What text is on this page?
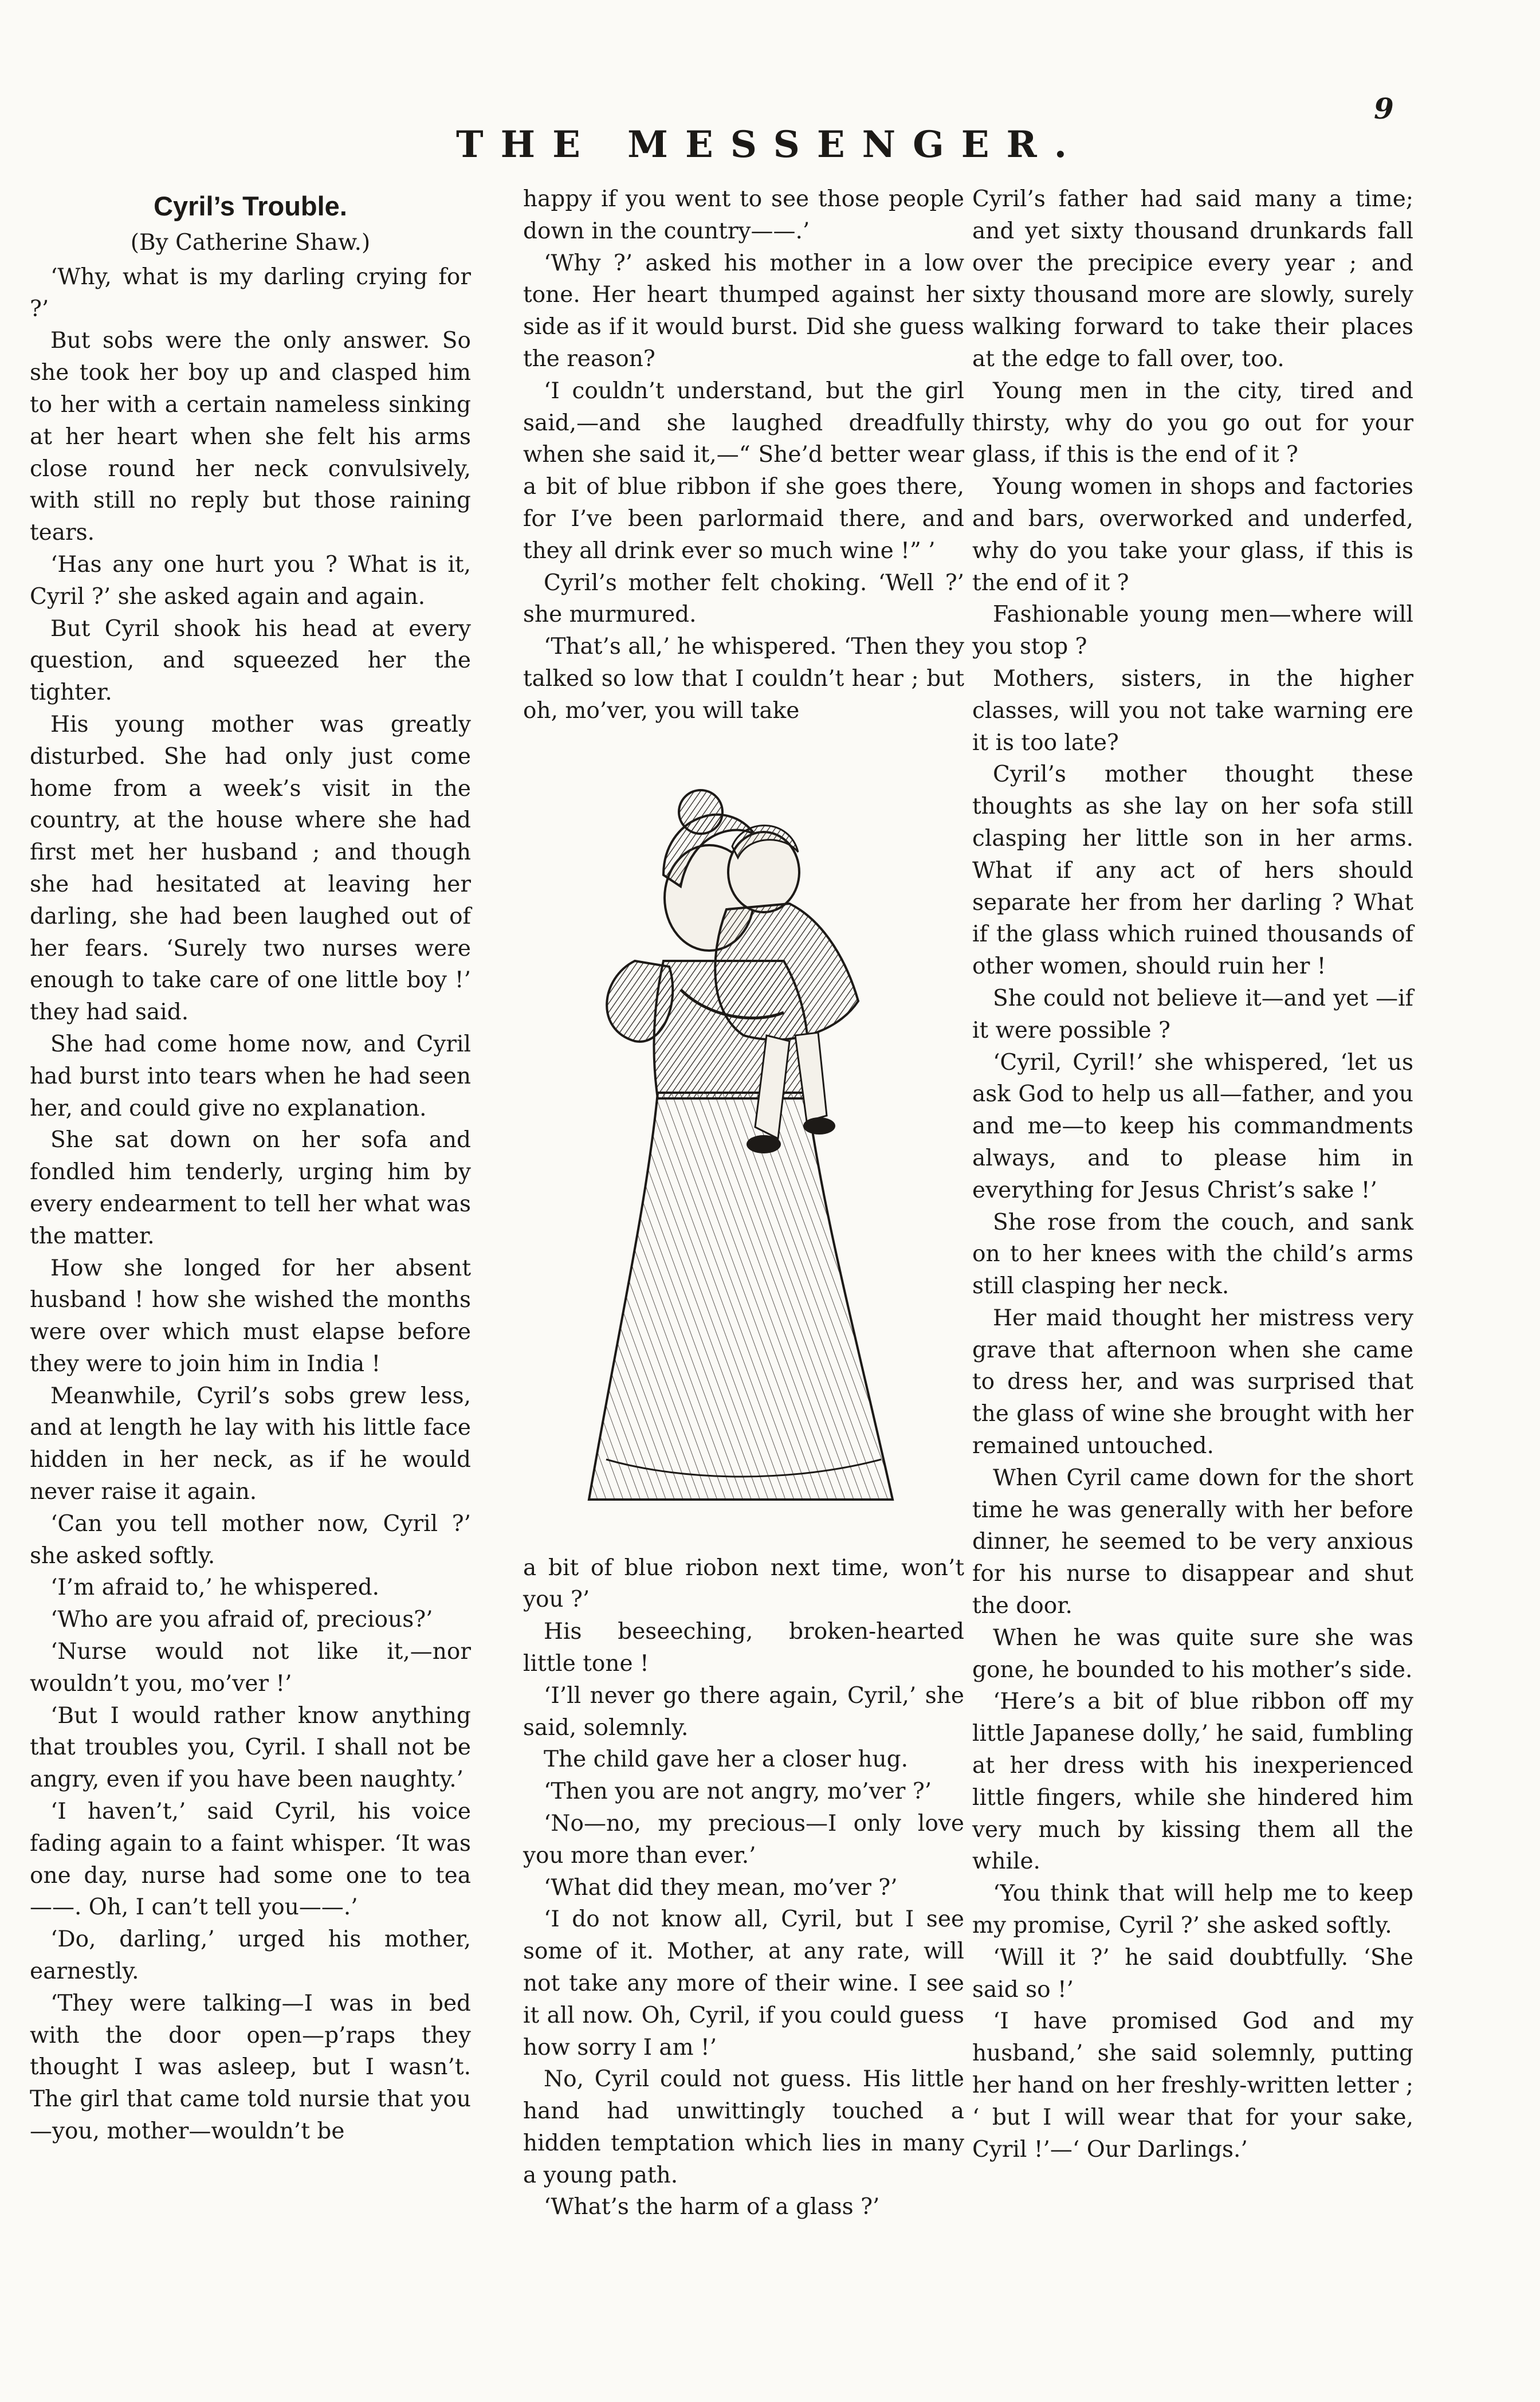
9
THE MESSENGER.
Cyril’s Trouble.
(By Catherine Shaw.)

‘Why, what is my darling crying for ?’

But sobs were the only answer. So she took her boy up and clasped him to her with a certain nameless sinking at her heart when she felt his arms close round her neck convulsively, with still no reply but those raining tears.

‘Has any one hurt you ? What is it, Cyril ?’ she asked again and again.

But Cyril shook his head at every question, and squeezed her the tighter.

His young mother was greatly disturbed. She had only just come home from a week’s visit in the country, at the house where she had first met her husband ; and though she had hesitated at leaving her darling, she had been laughed out of her fears. ‘Surely two nurses were enough to take care of one little boy !’ they had said.

She had come home now, and Cyril had burst into tears when he had seen her, and could give no explanation.

She sat down on her sofa and fondled him tenderly, urging him by every endearment to tell her what was the matter.

How she longed for her absent husband ! how she wished the months were over which must elapse before they were to join him in India !

Meanwhile, Cyril’s sobs grew less, and at length he lay with his little face hidden in her neck, as if he would never raise it again.

‘Can you tell mother now, Cyril ?’ she asked softly.

‘I’m afraid to,’ he whispered.

‘Who are you afraid of, precious?’

‘Nurse would not like it,—nor wouldn’t you, mo’ver !’

‘But I would rather know anything that troubles you, Cyril. I shall not be angry, even if you have been naughty.’

‘I haven’t,’ said Cyril, his voice fading again to a faint whisper. ‘It was one day, nurse had some one to tea——. Oh, I can’t tell you——.’

‘Do, darling,’ urged his mother, earnestly.

‘They were talking—I was in bed with the door open—p’raps they thought I was asleep, but I wasn’t. The girl that came told nursie that you—you, mother—wouldn’t be

happy if you went to see those people down in the country——.’

‘Why ?’ asked his mother in a low tone. Her heart thumped against her side as if it would burst. Did she guess the reason?

‘I couldn’t understand, but the girl said,—and she laughed dreadfully when she said it,—“ She’d better wear a bit of blue ribbon if she goes there, for I’ve been parlormaid there, and they all drink ever so much wine !” ’

Cyril’s mother felt choking. ‘Well ?’ she murmured.

‘That’s all,’ he whispered. ‘Then they talked so low that I couldn’t hear ; but oh, mo’ver, you will take

a bit of blue riobon next time, won’t you ?’

His beseeching, broken-hearted little tone !

‘I’ll never go there again, Cyril,’ she said, solemnly.

The child gave her a closer hug.

‘Then you are not angry, mo’ver ?’

‘No—no, my precious—I only love you more than ever.’

‘What did they mean, mo’ver ?’

‘I do not know all, Cyril, but I see some of it. Mother, at any rate, will not take any more of their wine. I see it all now. Oh, Cyril, if you could guess how sorry I am !’

No, Cyril could not guess. His little hand had unwittingly touched a hidden temptation which lies in many a young path.

‘What’s the harm of a glass ?’

Cyril’s father had said many a time; and yet sixty thousand drunkards fall over the precipice every year ; and sixty thousand more are slowly, surely walking forward to take their places at the edge to fall over, too.

Young men in the city, tired and thirsty, why do you go out for your glass, if this is the end of it ?

Young women in shops and factories and bars, overworked and underfed, why do you take your glass, if this is the end of it ?

Fashionable young men—where will you stop ?

Mothers, sisters, in the higher classes, will you not take warning ere it is too late?

Cyril’s mother thought these thoughts as she lay on her sofa still clasping her little son in her arms. What if any act of hers should separate her from her darling ? What if the glass which ruined thousands of other women, should ruin her !

She could not believe it—and yet —if it were possible ?

‘Cyril, Cyril!’ she whispered, ‘let us ask God to help us all—father, and you and me—to keep his commandments always, and to please him in everything for Jesus Christ’s sake !’

She rose from the couch, and sank on to her knees with the child’s arms still clasping her neck.

Her maid thought her mistress very grave that afternoon when she came to dress her, and was surprised that the glass of wine she brought with her remained untouched.

When Cyril came down for the short time he was generally with her before dinner, he seemed to be very anxious for his nurse to disappear and shut the door.

When he was quite sure she was gone, he bounded to his mother’s side.

‘Here’s a bit of blue ribbon off my little Japanese dolly,’ he said, fumbling at her dress with his inexperienced little fingers, while she hindered him very much by kissing them all the while.

‘You think that will help me to keep my promise, Cyril ?’ she asked softly.

‘Will it ?’ he said doubtfully. ‘She said so !’

‘I have promised God and my husband,’ she said solemnly, putting her hand on her freshly-written letter ; ‘ but I will wear that for your sake, Cyril !’—‘ Our Darlings.’
